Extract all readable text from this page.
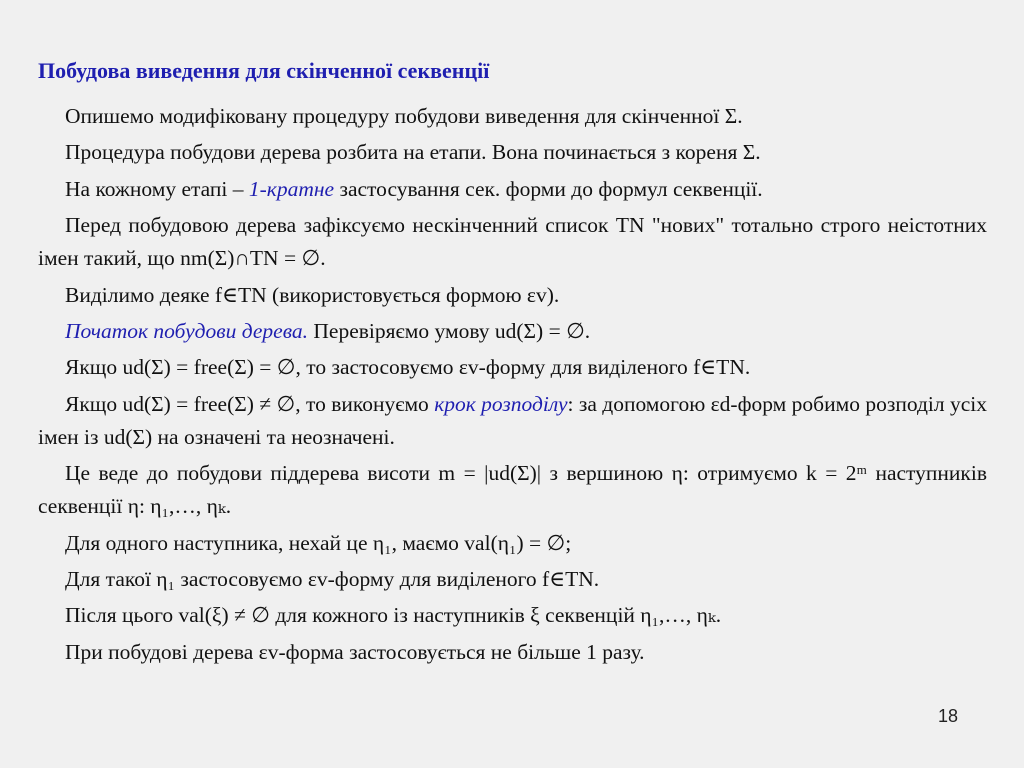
Побудова виведення для скінченної секвенції

Опишемо модифіковану процедуру побудови виведення для скінченної Σ.

Процедура побудови дерева розбита на етапи. Вона починається з кореня Σ.

На кожному етапі – 1-кратне застосування сек. форми до формул секвенції.

Перед побудовою дерева зафіксуємо нескінченний список TN "нових" тотально строго неістотних імен такий, що nm(Σ)∩TN = ∅.

Виділимо деяке f∈TN (використовується формою εv).

Початок побудови дерева. Перевіряємо умову ud(Σ) = ∅.

Якщо ud(Σ) = free(Σ) = ∅, то застосовуємо εv-форму для виділеного f∈TN.

Якщо ud(Σ) = free(Σ) ≠ ∅, то виконуємо крок розподілу: за допомогою εd-форм робимо розподіл усіх імен із ud(Σ) на означені та неозначені.

Це веде до побудови піддерева висоти m = |ud(Σ)| з вершиною η: отримуємо k = 2ᵐ наступників секвенції η: η₁,…, ηₖ.

Для одного наступника, нехай це η₁, маємо val(η₁) = ∅;

Для такої η₁ застосовуємо εv-форму для виділеного f∈TN.

Після цього val(ξ) ≠ ∅ для кожного із наступників ξ секвенцій η₁,…, ηₖ.

При побудові дерева εv-форма застосовується не більше 1 разу.

18
